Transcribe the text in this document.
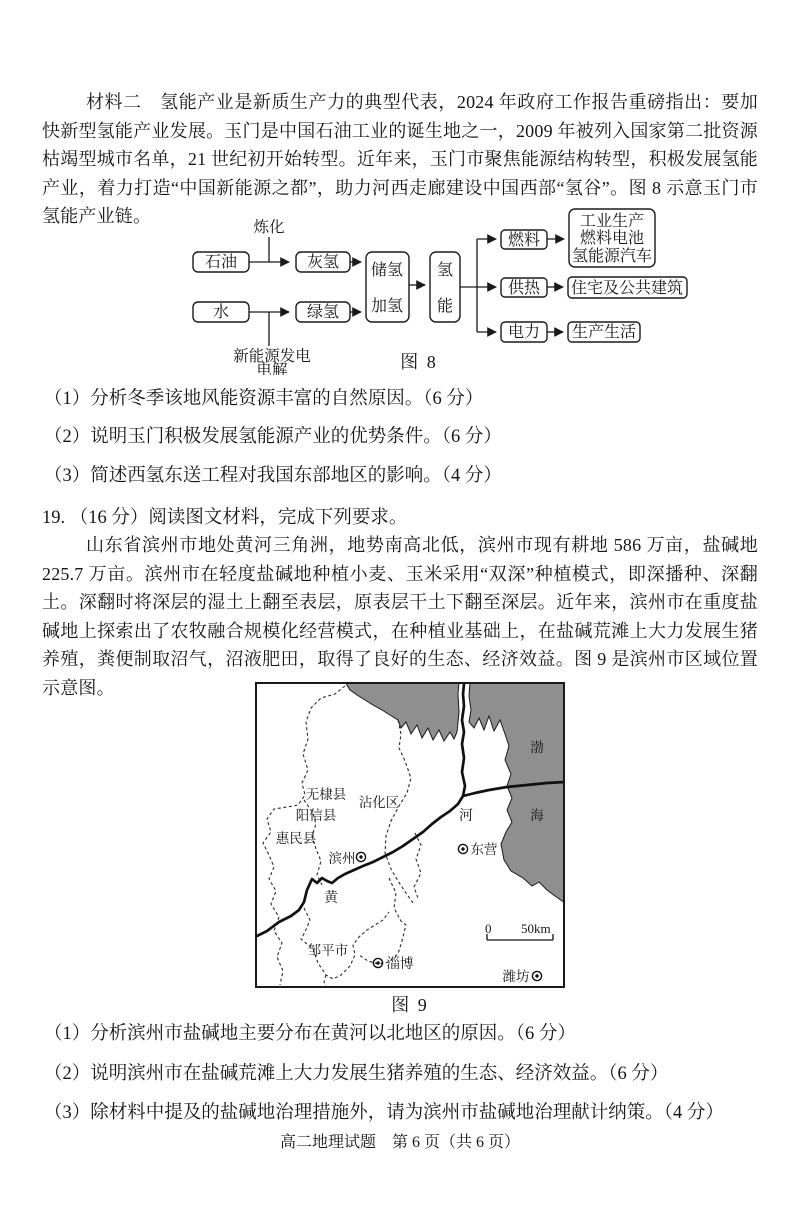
材料二　氢能产业是新质生产力的典型代表，2024 年政府工作报告重磅指出：要加快新型氢能产业发展。玉门是中国石油工业的诞生地之一，2009 年被列入国家第二批资源枯竭型城市名单，21 世纪初开始转型。近年来，玉门市聚焦能源结构转型，积极发展氢能产业，着力打造“中国新能源之都”，助力河西走廊建设中国西部“氢谷”。图 8 示意玉门市氢能产业链。

石油
水
灰氢
绿氢
储氢
加氢
氢
能
燃料
供热
电力
工业生产
燃料电池
氢能源汽车
住宅及公共建筑
生产生活
炼化
新能源发电
电解	图 8

（1）分析冬季该地风能资源丰富的自然原因。（6 分）

（2）说明玉门积极发展氢能源产业的优势条件。（6 分）

（3）简述西氢东送工程对我国东部地区的影响。（4 分）

19. （16 分）阅读图文材料，完成下列要求。

山东省滨州市地处黄河三角洲，地势南高北低，滨州市现有耕地 586 万亩，盐碱地 225.7 万亩。滨州市在轻度盐碱地种植小麦、玉米采用“双深”种植模式，即深播种、深翻土。深翻时将深层的湿土上翻至表层，原表层干土下翻至深层。近年来，滨州市在重度盐碱地上探索出了农牧融合规模化经营模式，在种植业基础上，在盐碱荒滩上大力发展生猪养殖，粪便制取沼气，沼液肥田，取得了良好的生态、经济效益。图 9 是滨州市区域位置示意图。

渤
海
黄
河
无棣县
阳信县
惠民县
沾化区
邹平市
滨州
东营
淄博
潍坊
0 50km

图 9

（1）分析滨州市盐碱地主要分布在黄河以北地区的原因。（6 分）

（2）说明滨州市在盐碱荒滩上大力发展生猪养殖的生态、经济效益。（6 分）

（3）除材料中提及的盐碱地治理措施外，请为滨州市盐碱地治理献计纳策。（4 分）

高二地理试题　第 6 页（共 6 页）
